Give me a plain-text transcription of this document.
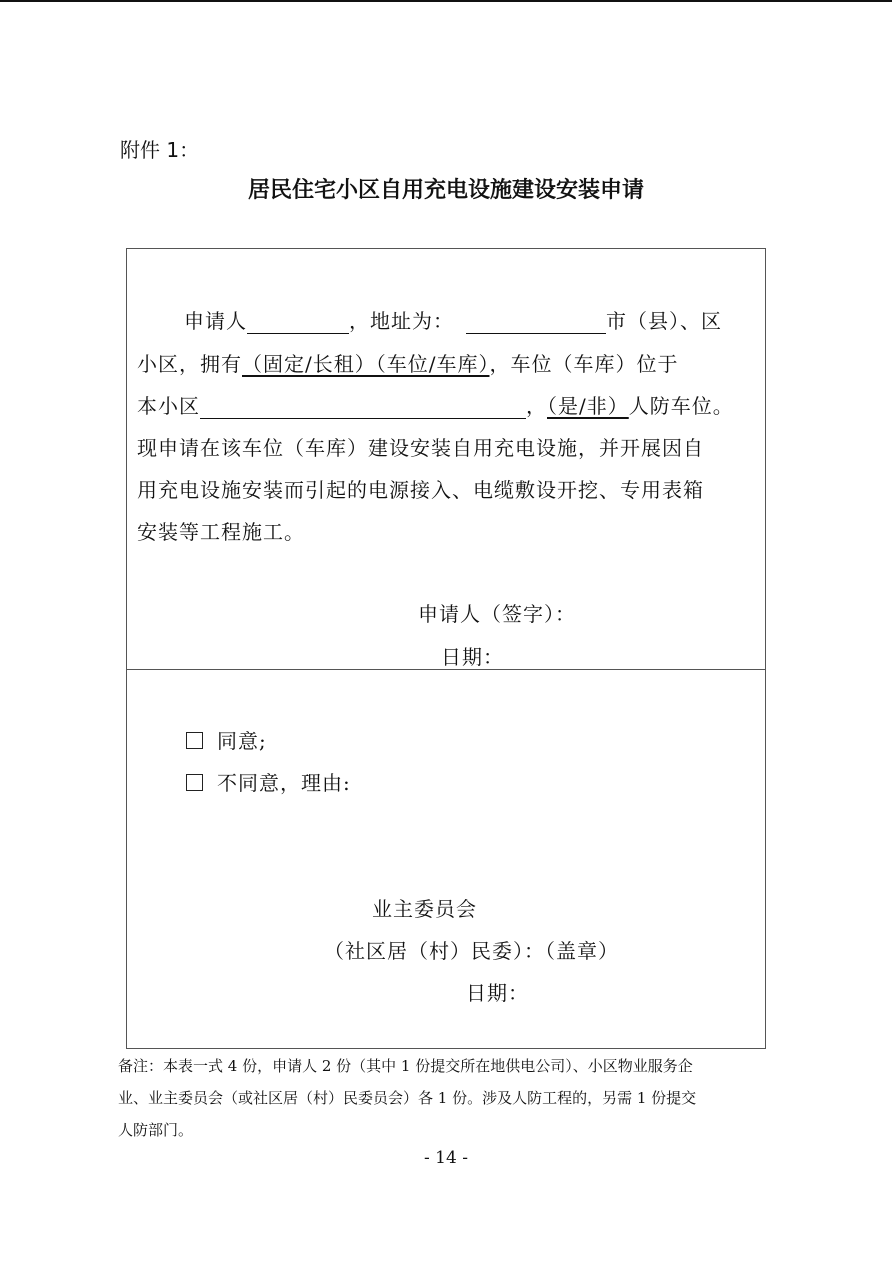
附件 1：
居民住宅小区自用充电设施建设安装申请
申请人	，地址为：	市（县）、区
小区，拥有（固定/长租）（车位/车库），车位（车库）位于
本小区	，（是/非）人防车位。
现申请在该车位（车库）建设安装自用充电设施，并开展因自
用充电设施安装而引起的电源接入、电缆敷设开挖、专用表箱
安装等工程施工。
申请人（签字）：
日期：
同意;
不同意，理由:
业主委员会
（社区居（村）民委）：（盖章）
日期：
备注：本表一式 4 份，申请人 2 份（其中 1 份提交所在地供电公司）、小区物业服务企
业、业主委员会（或社区居（村）民委员会）各 1 份。涉及人防工程的，另需 1 份提交
人防部门。
- 14 -
